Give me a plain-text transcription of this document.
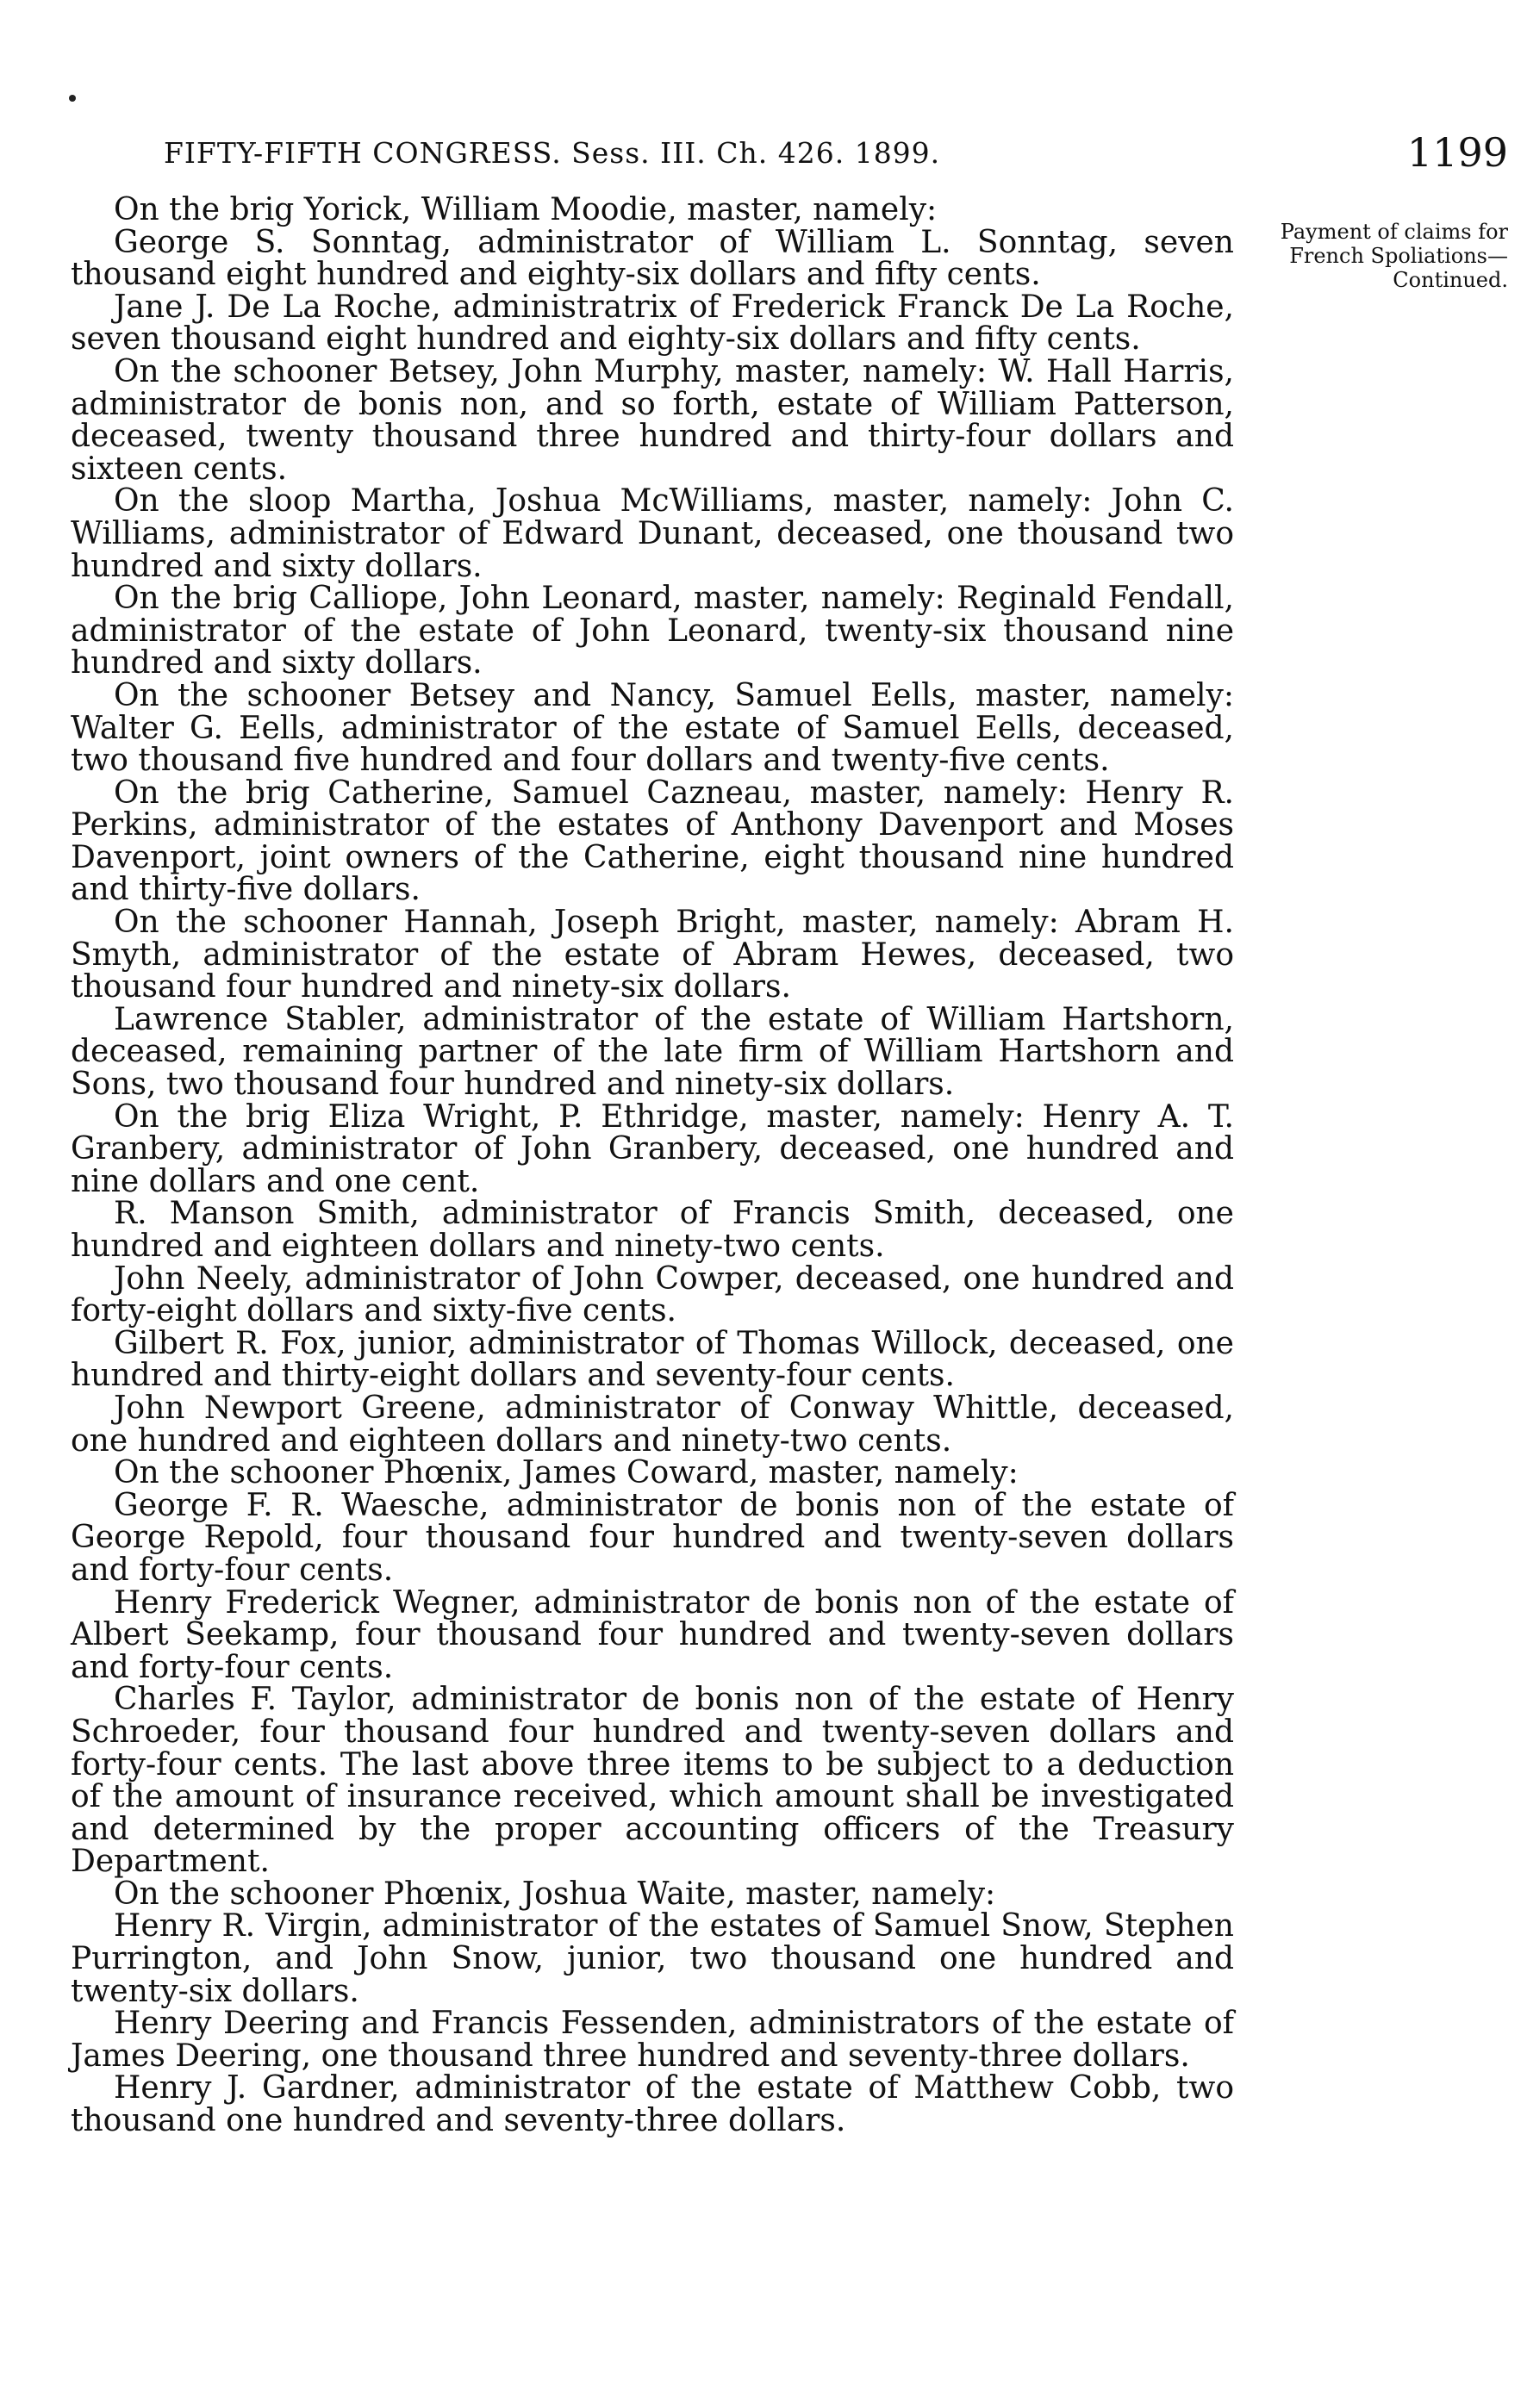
FIFTY-FIFTH CONGRESS. Sess. III. Ch. 426. 1899.	1199
Payment of claims for French Spoliations—Continued.

On the brig Yorick, William Moodie, master, namely:

George S. Sonntag, administrator of William L. Sonntag, seven thousand eight hundred and eighty-six dollars and fifty cents.

Jane J. De La Roche, administratrix of Frederick Franck De La Roche, seven thousand eight hundred and eighty-six dollars and fifty cents.

On the schooner Betsey, John Murphy, master, namely: W. Hall Harris, administrator de bonis non, and so forth, estate of William Patterson, deceased, twenty thousand three hundred and thirty-four dollars and sixteen cents.

On the sloop Martha, Joshua McWilliams, master, namely: John C. Williams, administrator of Edward Dunant, deceased, one thousand two hundred and sixty dollars.

On the brig Calliope, John Leonard, master, namely: Reginald Fendall, administrator of the estate of John Leonard, twenty-six thousand nine hundred and sixty dollars.

On the schooner Betsey and Nancy, Samuel Eells, master, namely: Walter G. Eells, administrator of the estate of Samuel Eells, deceased, two thousand five hundred and four dollars and twenty-five cents.

On the brig Catherine, Samuel Cazneau, master, namely: Henry R. Perkins, administrator of the estates of Anthony Davenport and Moses Davenport, joint owners of the Catherine, eight thousand nine hundred and thirty-five dollars.

On the schooner Hannah, Joseph Bright, master, namely: Abram H. Smyth, administrator of the estate of Abram Hewes, deceased, two thousand four hundred and ninety-six dollars.

Lawrence Stabler, administrator of the estate of William Hartshorn, deceased, remaining partner of the late firm of William Hartshorn and Sons, two thousand four hundred and ninety-six dollars.

On the brig Eliza Wright, P. Ethridge, master, namely: Henry A. T. Granbery, administrator of John Granbery, deceased, one hundred and nine dollars and one cent.

R. Manson Smith, administrator of Francis Smith, deceased, one hundred and eighteen dollars and ninety-two cents.

John Neely, administrator of John Cowper, deceased, one hundred and forty-eight dollars and sixty-five cents.

Gilbert R. Fox, junior, administrator of Thomas Willock, deceased, one hundred and thirty-eight dollars and seventy-four cents.

John Newport Greene, administrator of Conway Whittle, deceased, one hundred and eighteen dollars and ninety-two cents.

On the schooner Phœnix, James Coward, master, namely:

George F. R. Waesche, administrator de bonis non of the estate of George Repold, four thousand four hundred and twenty-seven dollars and forty-four cents.

Henry Frederick Wegner, administrator de bonis non of the estate of Albert Seekamp, four thousand four hundred and twenty-seven dollars and forty-four cents.

Charles F. Taylor, administrator de bonis non of the estate of Henry Schroeder, four thousand four hundred and twenty-seven dollars and forty-four cents. The last above three items to be subject to a deduction of the amount of insurance received, which amount shall be investigated and determined by the proper accounting officers of the Treasury Department.

On the schooner Phœnix, Joshua Waite, master, namely:

Henry R. Virgin, administrator of the estates of Samuel Snow, Stephen Purrington, and John Snow, junior, two thousand one hundred and twenty-six dollars.

Henry Deering and Francis Fessenden, administrators of the estate of James Deering, one thousand three hundred and seventy-three dollars.

Henry J. Gardner, administrator of the estate of Matthew Cobb, two thousand one hundred and seventy-three dollars.
